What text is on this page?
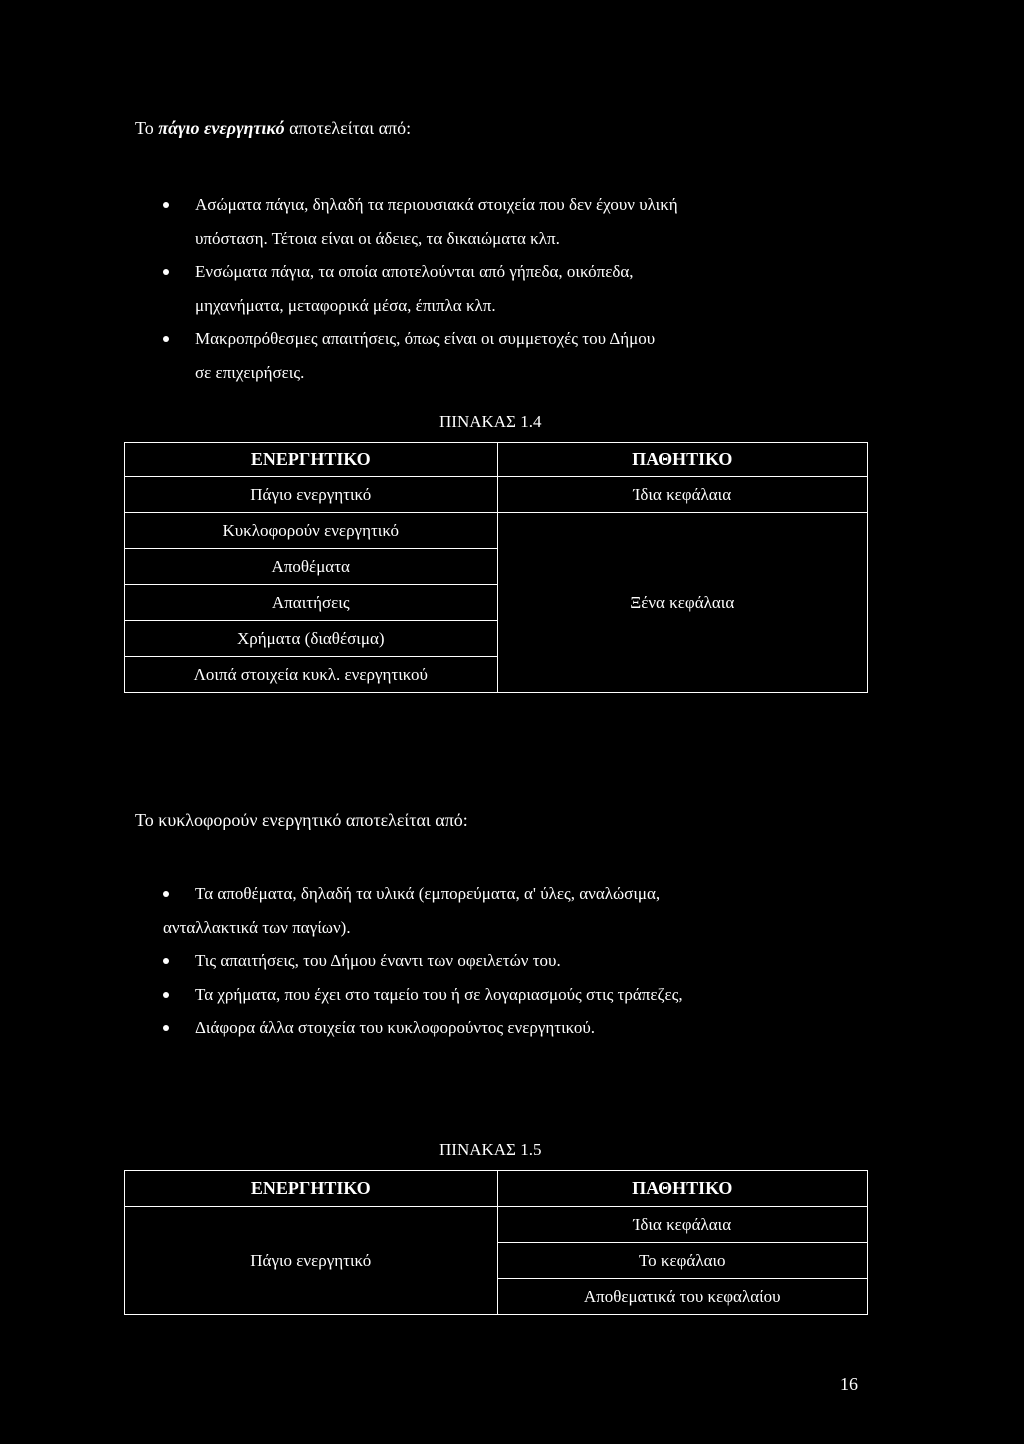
Το πάγιο ενεργητικό αποτελείται από:
Ασώματα πάγια, δηλαδή τα περιουσιακά στοιχεία που δεν έχουν υλική
υπόσταση. Τέτοια είναι οι άδειες, τα δικαιώματα κλπ.
Ενσώματα πάγια, τα οποία αποτελούνται από γήπεδα, οικόπεδα,
μηχανήματα, μεταφορικά μέσα, έπιπλα κλπ.
Μακροπρόθεσμες απαιτήσεις, όπως είναι οι συμμετοχές του Δήμου
σε επιχειρήσεις.
ΠΙΝΑΚΑΣ 1.4
ΕΝΕΡΓΗΤΙΚΟ	ΠΑΘΗΤΙΚΟ
Πάγιο ενεργητικό	Ίδια κεφάλαια
Κυκλοφορούν ενεργητικό	Ξένα κεφάλαια
Αποθέματα	
Απαιτήσεις	
Χρήματα (διαθέσιμα)	
Λοιπά στοιχεία κυκλ. ενεργητικού	
Το κυκλοφορούν ενεργητικό αποτελείται από:
Τα αποθέματα, δηλαδή τα υλικά (εμπορεύματα, α' ύλες, αναλώσιμα,
ανταλλακτικά των παγίων).
Τις απαιτήσεις, του Δήμου έναντι των οφειλετών του.
Τα χρήματα, που έχει στο ταμείο του ή σε λογαριασμούς στις τράπεζες,
Διάφορα άλλα στοιχεία του κυκλοφορούντος ενεργητικού.
ΠΙΝΑΚΑΣ 1.5
ΕΝΕΡΓΗΤΙΚΟ	ΠΑΘΗΤΙΚΟ
Πάγιο ενεργητικό	Ίδια κεφάλαια
	Το κεφάλαιο
	Αποθεματικά του κεφαλαίου
16
